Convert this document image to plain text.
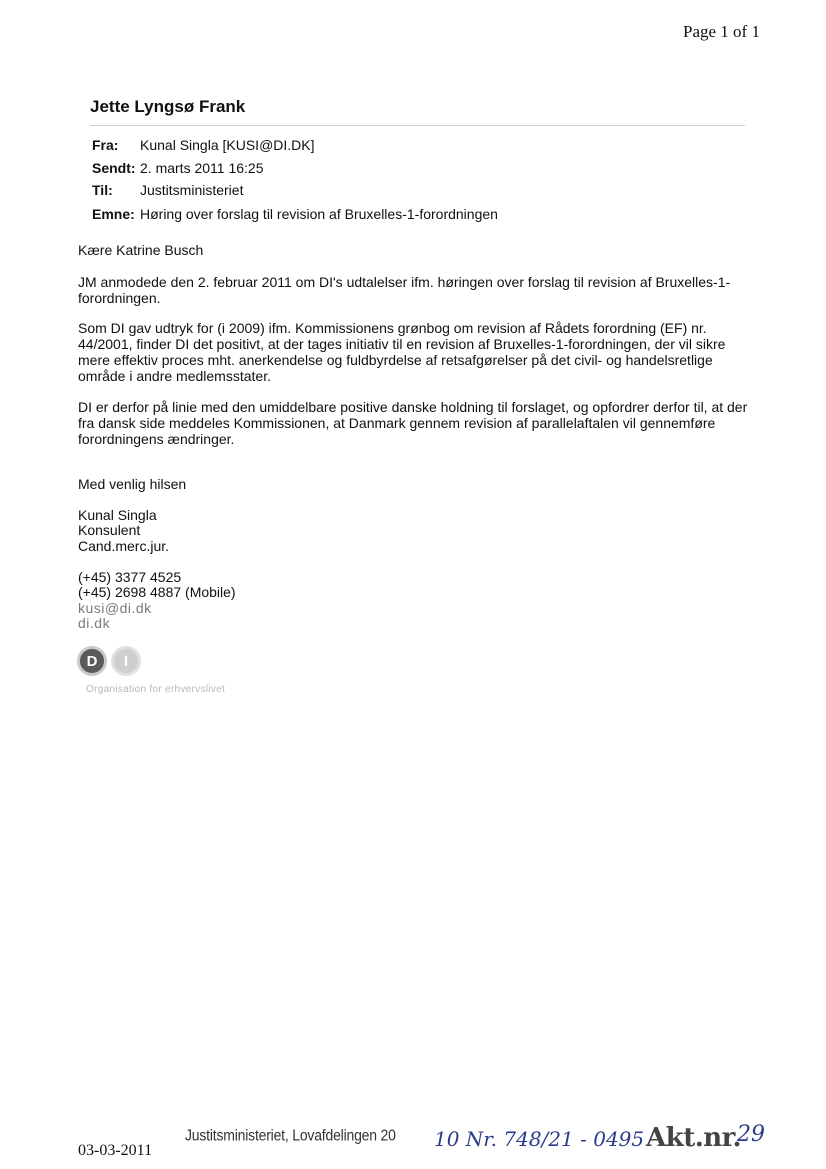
Page 1 of 1
Jette Lyngsø Frank
Fra: Kunal Singla [KUSI@DI.DK]
Sendt: 2. marts 2011 16:25
Til: Justitsministeriet
Emne: Høring over forslag til revision af Bruxelles-1-forordningen
Kære Katrine Busch
JM anmodede den 2. februar 2011 om DI's udtalelser ifm. høringen over forslag til revision af Bruxelles-1-forordningen.
Som DI gav udtryk for (i 2009) ifm. Kommissionens grønbog om revision af Rådets forordning (EF) nr. 44/2001, finder DI det positivt, at der tages initiativ til en revision af Bruxelles-1-forordningen, der vil sikre mere effektiv proces mht. anerkendelse og fuldbyrdelse af retsafgørelser på det civil- og handelsretlige område i andre medlemsstater.
DI er derfor på linie med den umiddelbare positive danske holdning til forslaget, og opfordrer derfor til, at der fra dansk side meddeles Kommissionen, at Danmark gennem revision af parallelaftalen vil gennemføre forordningens ændringer.
Med venlig hilsen
Kunal Singla
Konsulent
Cand.merc.jur.
(+45) 3377 4525
(+45) 2698 4887 (Mobile)
kusi@di.dk
di.dk
D	I
Organisation for erhvervslivet
03-03-2011
Justitsministeriet, Lovafdelingen 20 10 Nr. 748/21 - 0495 Akt.nr.
29
